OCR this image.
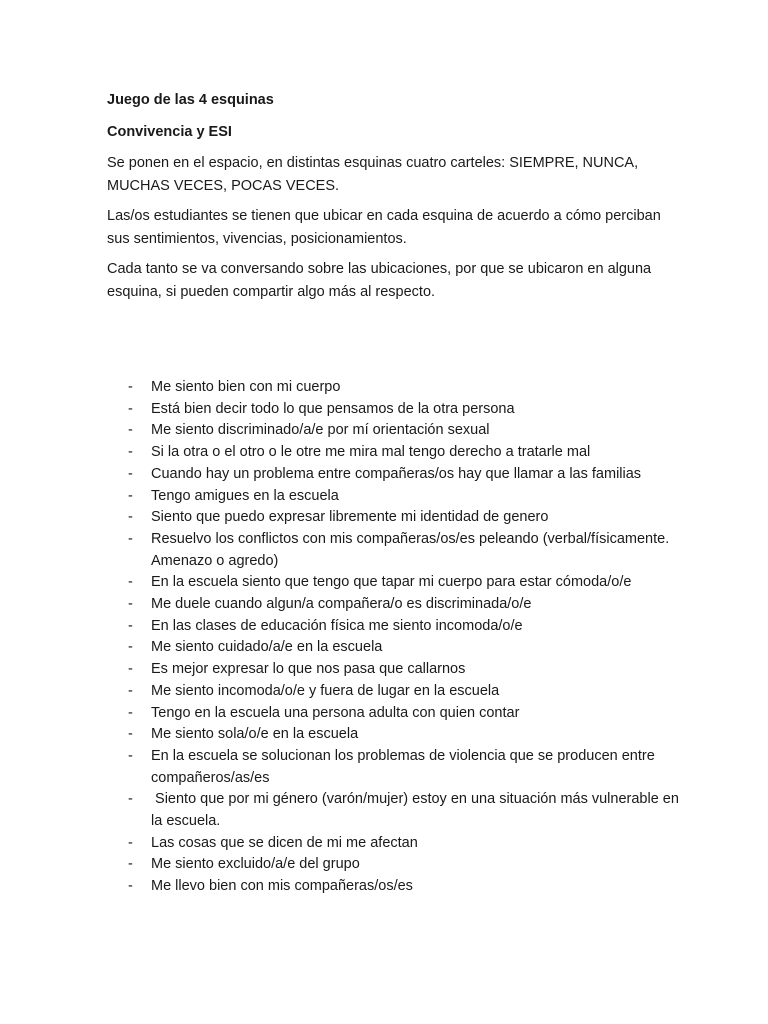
Juego de las 4 esquinas
Convivencia y ESI

Se ponen en el espacio, en distintas esquinas cuatro carteles: SIEMPRE, NUNCA, MUCHAS VECES, POCAS VECES.

Las/os estudiantes se tienen que ubicar en cada esquina de acuerdo a cómo perciban sus sentimientos, vivencias, posicionamientos.

Cada tanto se va conversando sobre las ubicaciones, por que se ubicaron en alguna esquina, si pueden compartir algo más al respecto.

- Me siento bien con mi cuerpo
- Está bien decir todo lo que pensamos de la otra persona
- Me siento discriminado/a/e por mí orientación sexual
- Si la otra o el otro o le otre me mira mal tengo derecho a tratarle mal
- Cuando hay un problema entre compañeras/os hay que llamar a las familias
- Tengo amigues en la escuela
- Siento que puedo expresar libremente mi identidad de genero
- Resuelvo los conflictos con mis compañeras/os/es peleando (verbal/físicamente. Amenazo o agredo)
- En la escuela siento que tengo que tapar mi cuerpo para estar cómoda/o/e
- Me duele cuando algun/a compañera/o es discriminada/o/e
- En las clases de educación física me siento incomoda/o/e
- Me siento cuidado/a/e en la escuela
- Es mejor expresar lo que nos pasa que callarnos
- Me siento incomoda/o/e y fuera de lugar en la escuela
- Tengo en la escuela una persona adulta con quien contar
- Me siento sola/o/e en la escuela
- En la escuela se solucionan los problemas de violencia que se producen entre compañeros/as/es
- Siento que por mi género (varón/mujer) estoy en una situación más vulnerable en la escuela.
- Las cosas que se dicen de mi me afectan
- Me siento excluido/a/e del grupo
- Me llevo bien con mis compañeras/os/es
